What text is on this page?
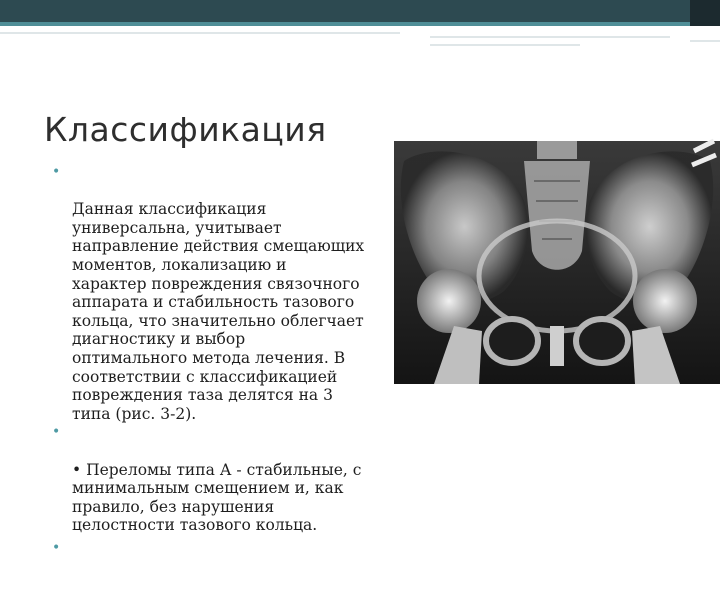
Классификация

•

Данная классификация
универсальна, учитывает
направление действия смещающих
моментов, локализацию и
характер повреждения связочного
аппарата и стабильность тазового
кольца, что значительно облегчает
диагностику и выбор
оптимального метода лечения. В
соответствии с классификацией
повреждения таза делятся на 3
типа (рис. 3-2).

•

• Переломы типа А - стабильные, с
минимальным смещением и, как
правило, без нарушения
целостности тазового кольца.

•
